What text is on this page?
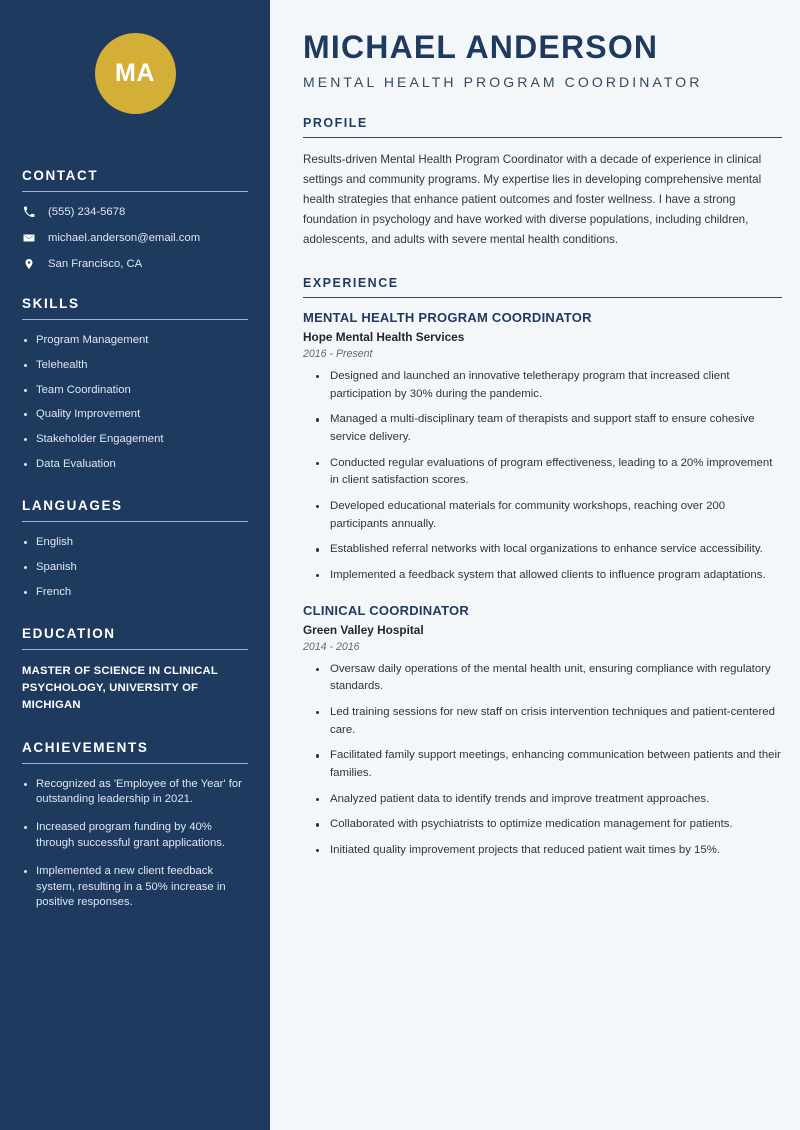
MA
CONTACT
(555) 234-5678
michael.anderson@email.com
San Francisco, CA
SKILLS
Program Management
Telehealth
Team Coordination
Quality Improvement
Stakeholder Engagement
Data Evaluation
LANGUAGES
English
Spanish
French
EDUCATION
MASTER OF SCIENCE IN CLINICAL PSYCHOLOGY, UNIVERSITY OF MICHIGAN
ACHIEVEMENTS
Recognized as 'Employee of the Year' for outstanding leadership in 2021.
Increased program funding by 40% through successful grant applications.
Implemented a new client feedback system, resulting in a 50% increase in positive responses.
MICHAEL ANDERSON
MENTAL HEALTH PROGRAM COORDINATOR
PROFILE

Results-driven Mental Health Program Coordinator with a decade of experience in clinical settings and community programs. My expertise lies in developing comprehensive mental health strategies that enhance patient outcomes and foster wellness. I have a strong foundation in psychology and have worked with diverse populations, including children, adolescents, and adults with severe mental health conditions.

EXPERIENCE
MENTAL HEALTH PROGRAM COORDINATOR
Hope Mental Health Services
2016 - Present
Designed and launched an innovative teletherapy program that increased client participation by 30% during the pandemic.
Managed a multi-disciplinary team of therapists and support staff to ensure cohesive service delivery.
Conducted regular evaluations of program effectiveness, leading to a 20% improvement in client satisfaction scores.
Developed educational materials for community workshops, reaching over 200 participants annually.
Established referral networks with local organizations to enhance service accessibility.
Implemented a feedback system that allowed clients to influence program adaptations.
CLINICAL COORDINATOR
Green Valley Hospital
2014 - 2016
Oversaw daily operations of the mental health unit, ensuring compliance with regulatory standards.
Led training sessions for new staff on crisis intervention techniques and patient-centered care.
Facilitated family support meetings, enhancing communication between patients and their families.
Analyzed patient data to identify trends and improve treatment approaches.
Collaborated with psychiatrists to optimize medication management for patients.
Initiated quality improvement projects that reduced patient wait times by 15%.
